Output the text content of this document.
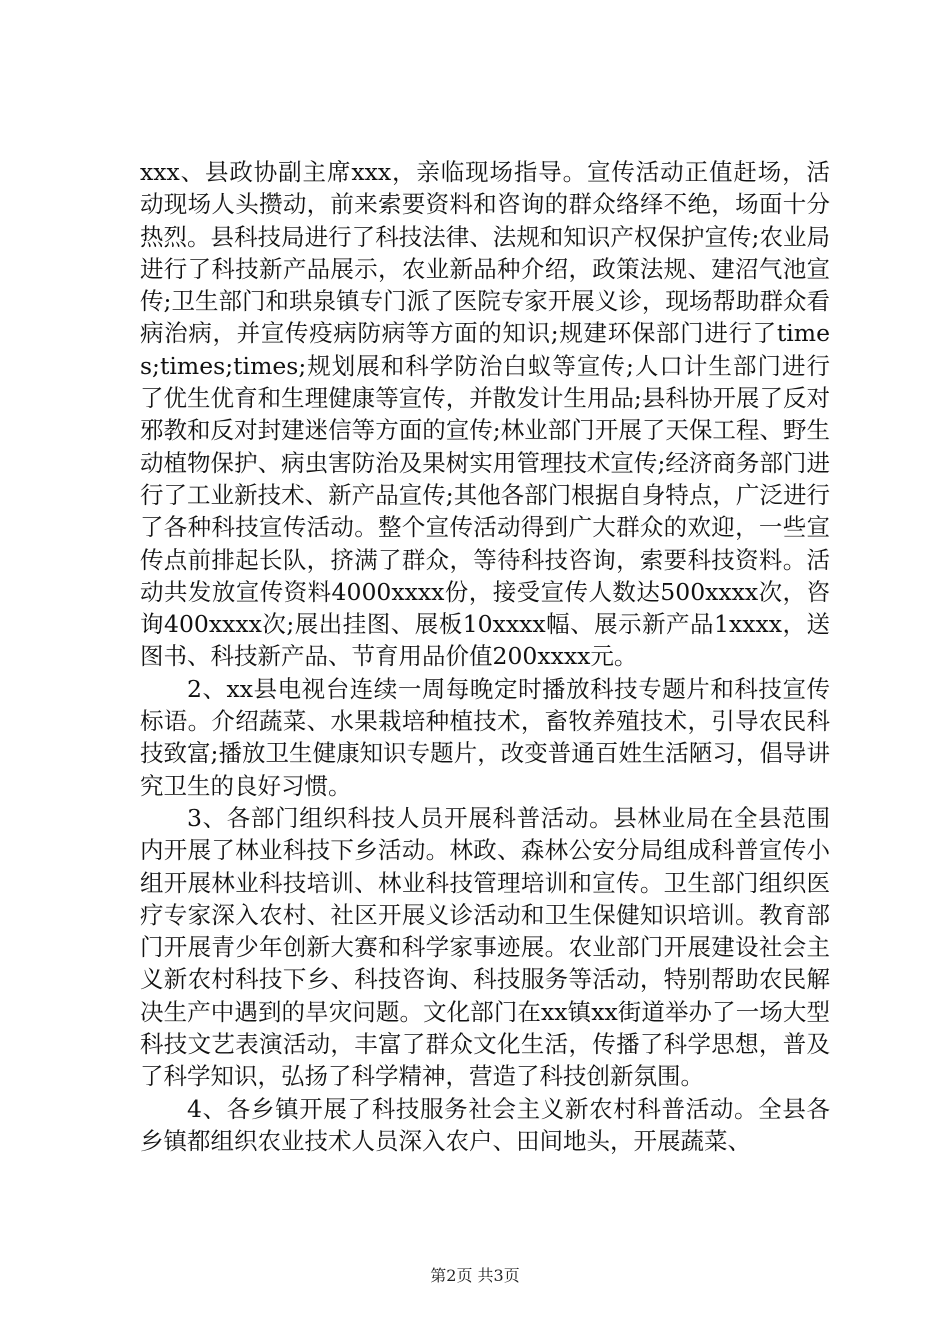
xxx、县政协副主席xxx，亲临现场指导。宣传活动正值赶场，活动现场人头攒动，前来索要资料和咨询的群众络绎不绝，场面十分热烈。县科技局进行了科技法律、法规和知识产权保护宣传;农业局进行了科技新产品展示，农业新品种介绍，政策法规、建沼气池宣传;卫生部门和珙泉镇专门派了医院专家开展义诊，现场帮助群众看病治病，并宣传疫病防病等方面的知识;规建环保部门进行了times;times;times;规划展和科学防治白蚁等宣传;人口计生部门进行了优生优育和生理健康等宣传，并散发计生用品;县科协开展了反对邪教和反对封建迷信等方面的宣传;林业部门开展了天保工程、野生动植物保护、病虫害防治及果树实用管理技术宣传;经济商务部门进行了工业新技术、新产品宣传;其他各部门根据自身特点，广泛进行了各种科技宣传活动。整个宣传活动得到广大群众的欢迎，一些宣传点前排起长队，挤满了群众，等待科技咨询，索要科技资料。活动共发放宣传资料4000xxxx份，接受宣传人数达500xxxx次，咨询400xxxx次;展出挂图、展板10xxxx幅、展示新产品1xxxx，送图书、科技新产品、节育用品价值200xxxx元。

2、xx县电视台连续一周每晚定时播放科技专题片和科技宣传标语。介绍蔬菜、水果栽培种植技术，畜牧养殖技术，引导农民科技致富;播放卫生健康知识专题片，改变普通百姓生活陋习，倡导讲究卫生的良好习惯。

3、各部门组织科技人员开展科普活动。县林业局在全县范围内开展了林业科技下乡活动。林政、森林公安分局组成科普宣传小组开展林业科技培训、林业科技管理培训和宣传。卫生部门组织医疗专家深入农村、社区开展义诊活动和卫生保健知识培训。教育部门开展青少年创新大赛和科学家事迹展。农业部门开展建设社会主义新农村科技下乡、科技咨询、科技服务等活动，特别帮助农民解决生产中遇到的旱灾问题。文化部门在xx镇xx街道举办了一场大型科技文艺表演活动，丰富了群众文化生活，传播了科学思想，普及了科学知识，弘扬了科学精神，营造了科技创新氛围。

4、各乡镇开展了科技服务社会主义新农村科普活动。全县各乡镇都组织农业技术人员深入农户、田间地头，开展蔬菜、

第2页 共3页
